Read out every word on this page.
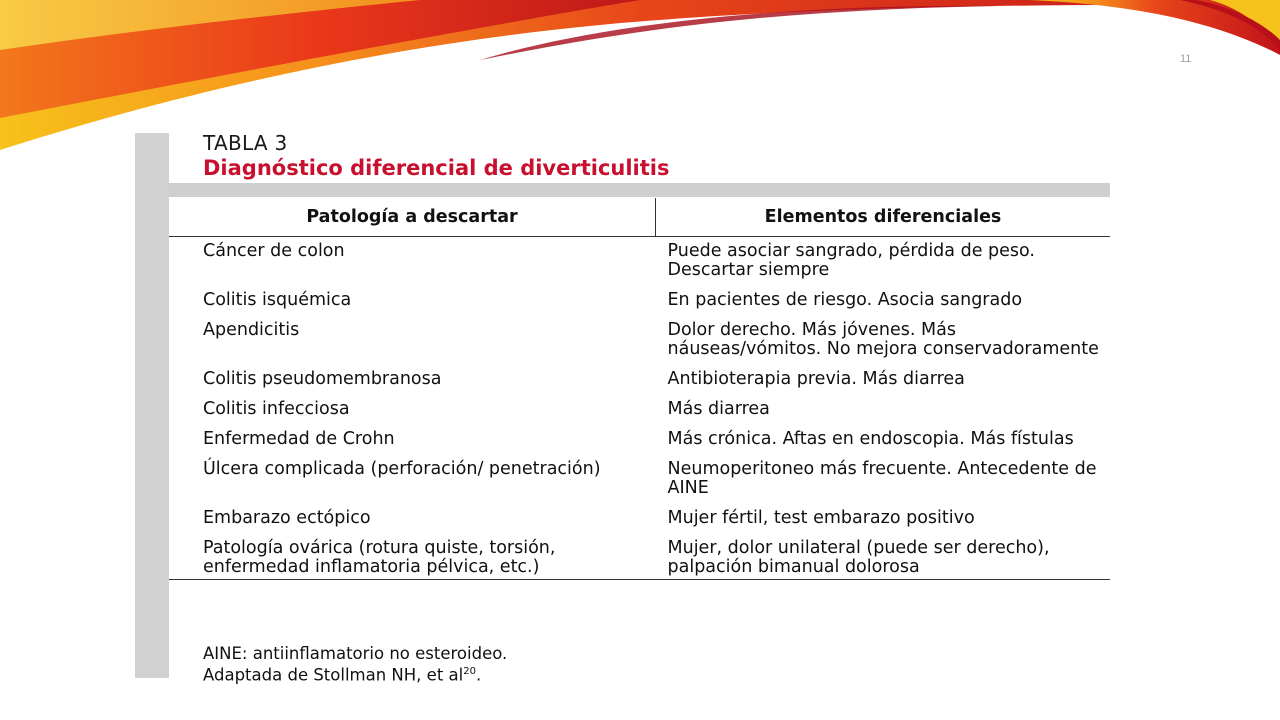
11
TABLA 3
Diagnóstico diferencial de diverticulitis
Patología a descartar	Elementos diferenciales
Cáncer de colon	Puede asociar sangrado, pérdida de peso. Descartar siempre
Colitis isquémica	En pacientes de riesgo. Asocia sangrado
Apendicitis	Dolor derecho. Más jóvenes. Más náuseas/vómitos. No mejora conservadoramente
Colitis pseudomembranosa	Antibioterapia previa. Más diarrea
Colitis infecciosa	Más diarrea
Enfermedad de Crohn	Más crónica. Aftas en endoscopia. Más fístulas
Úlcera complicada (perforación/ penetración)	Neumoperitoneo más frecuente. Antecedente de AINE
Embarazo ectópico	Mujer fértil, test embarazo positivo
Patología ovárica (rotura quiste, torsión, enfermedad inflamatoria pélvica, etc.)	Mujer, dolor unilateral (puede ser derecho), palpación bimanual dolorosa
AINE: antiinflamatorio no esteroideo.
Adaptada de Stollman NH, et $al^{20}$.
